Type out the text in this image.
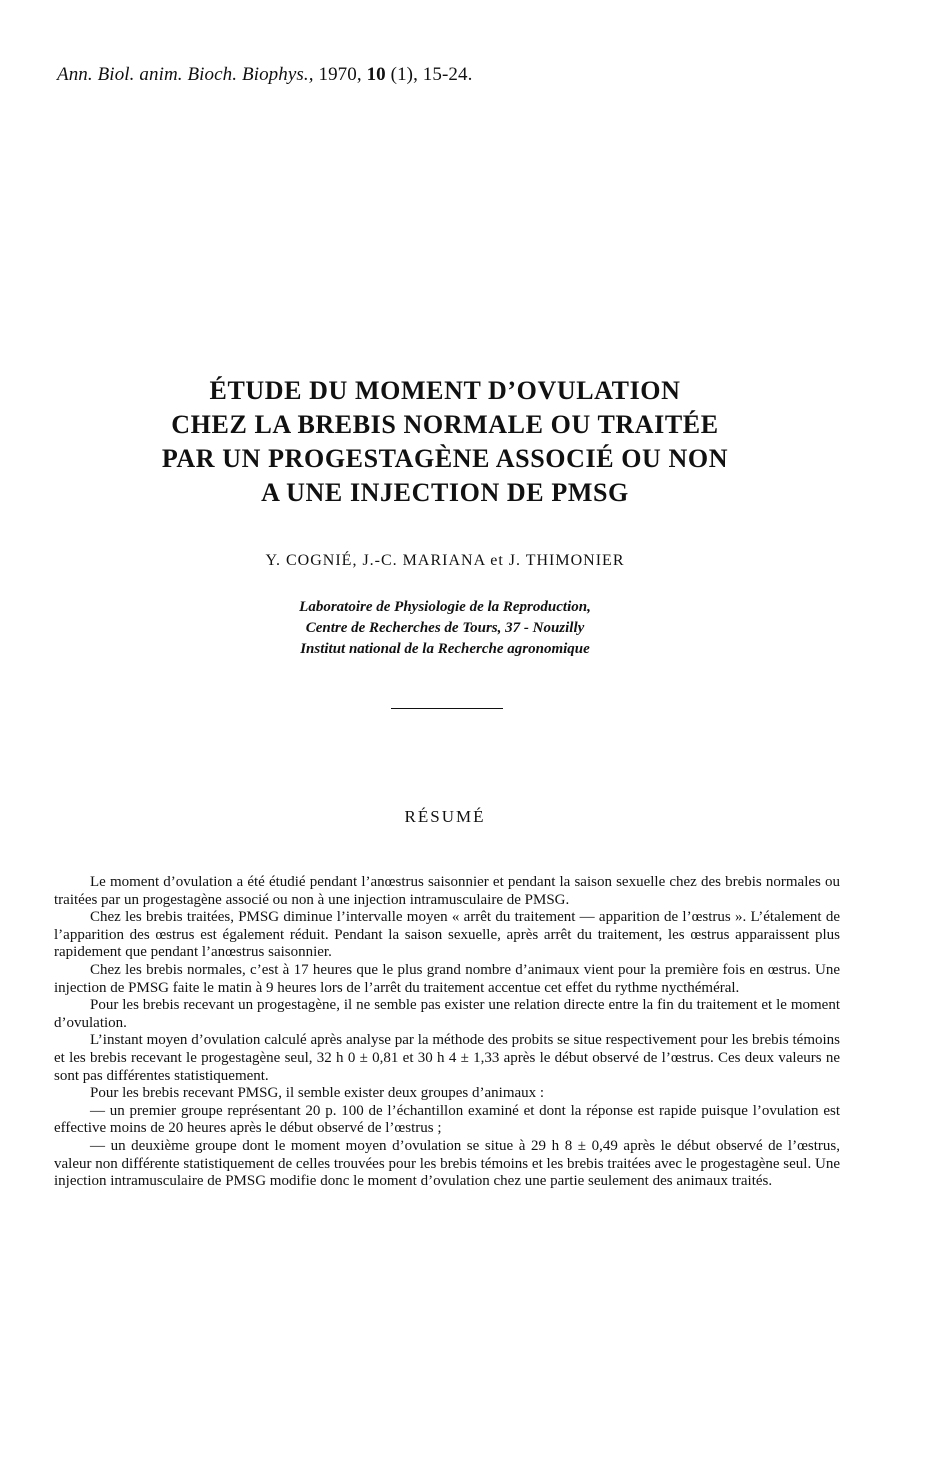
Ann. Biol. anim. Bioch. Biophys., 1970, 10 (1), 15-24.
ÉTUDE DU MOMENT D’OVULATION
CHEZ LA BREBIS NORMALE OU TRAITÉE
PAR UN PROGESTAGÈNE ASSOCIÉ OU NON
A UNE INJECTION DE PMSG
Y. COGNIÉ, J.-C. MARIANA et J. THIMONIER
Laboratoire de Physiologie de la Reproduction,
Centre de Recherches de Tours, 37 - Nouzilly
Institut national de la Recherche agronomique
RÉSUMÉ

Le moment d’ovulation a été étudié pendant l’anœstrus saisonnier et pendant la saison sexuelle chez des brebis normales ou traitées par un progestagène associé ou non à une injection intramusculaire de PMSG.

Chez les brebis traitées, PMSG diminue l’intervalle moyen « arrêt du traitement — apparition de l’œstrus ». L’étalement de l’apparition des œstrus est également réduit. Pendant la saison sexuelle, après arrêt du traitement, les œstrus apparaissent plus rapidement que pendant l’anœstrus saisonnier.

Chez les brebis normales, c’est à 17 heures que le plus grand nombre d’animaux vient pour la première fois en œstrus. Une injection de PMSG faite le matin à 9 heures lors de l’arrêt du traitement accentue cet effet du rythme nycthéméral.

Pour les brebis recevant un progestagène, il ne semble pas exister une relation directe entre la fin du traitement et le moment d’ovulation.

L’instant moyen d’ovulation calculé après analyse par la méthode des probits se situe respectivement pour les brebis témoins et les brebis recevant le progestagène seul, 32 h 0 ± 0,81 et 30 h 4 ± 1,33 après le début observé de l’œstrus. Ces deux valeurs ne sont pas différentes statistiquement.

Pour les brebis recevant PMSG, il semble exister deux groupes d’animaux :

— un premier groupe représentant 20 p. 100 de l’échantillon examiné et dont la réponse est rapide puisque l’ovulation est effective moins de 20 heures après le début observé de l’œstrus ;

— un deuxième groupe dont le moment moyen d’ovulation se situe à 29 h 8 ± 0,49 après le début observé de l’œstrus, valeur non différente statistiquement de celles trouvées pour les brebis témoins et les brebis traitées avec le progestagène seul. Une injection intramusculaire de PMSG modifie donc le moment d’ovulation chez une partie seulement des animaux traités.
